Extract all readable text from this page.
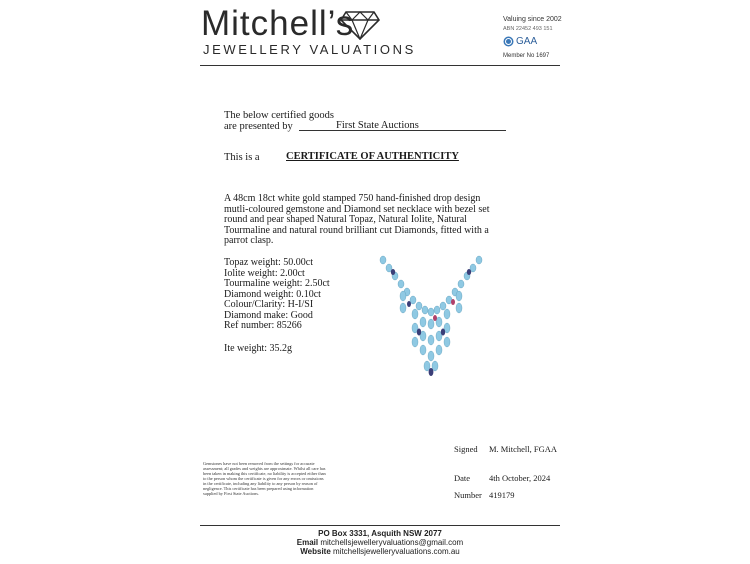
Mitchell’s
JEWELLERY VALUATIONS
Valuing since 2002
ABN 22452 493 151
GAA
Member No 1697
The below certified goods
are presented by	First State Auctions
This is a	CERTIFICATE OF AUTHENTICITY
A 48cm 18ct white gold stamped 750 hand-finished drop design mutli-coloured gemstone and Diamond set necklace with bezel set round and pear shaped Natural Topaz, Natural Iolite, Natural Tourmaline and natural round brilliant cut Diamonds, fitted with a parrot clasp.
Topaz weight: 50.00ct
Iolite weight: 2.00ct
Tourmaline weight: 2.50ct
Diamond weight: 0.10ct
Colour/Clarity: H-I/SI
Diamond make: Good
Ref number: 85266
Ite weight: 35.2g
Signed M. Mitchell, FGAA
Date 4th October, 2024
Number 419179
Gemstones have not been removed from the settings for accurate assessment; all grades and weights are approximate. Whilst all care has been taken in making this certificate, no liability is accepted either than to the person whom the certificate is given for any errors or omissions in the certificate, including any liability to any person by reason of negligence. This certificate has been prepared using information supplied by First State Auctions.
PO Box 3331, Asquith NSW 2077
Email mitchellsjewelleryvaluations@gmail.com
Website mitchellsjewelleryvaluations.com.au
